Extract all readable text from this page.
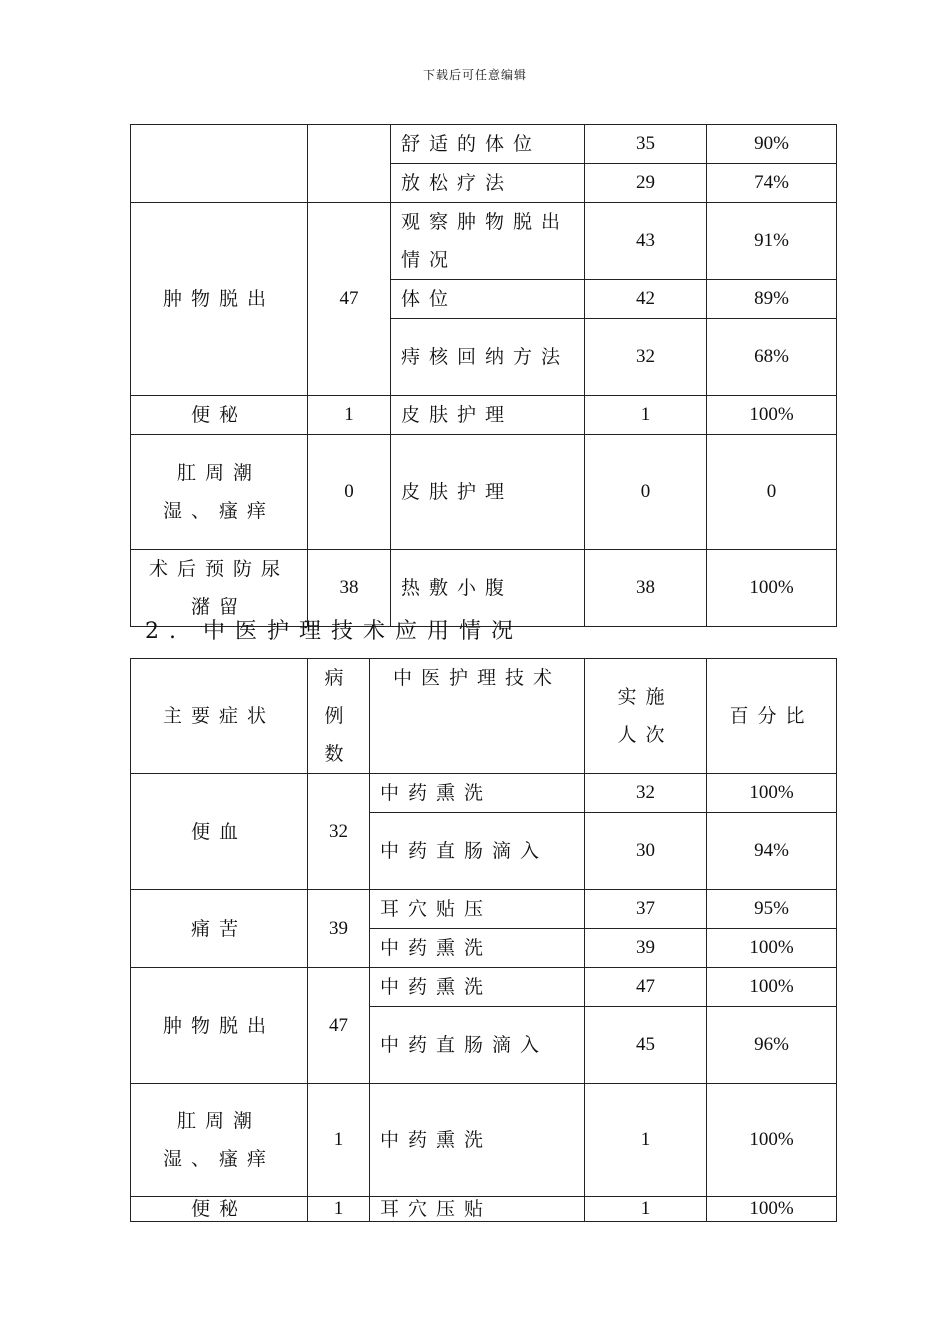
下载后可任意编辑
		舒适的体位	35	90%
		放松疗法	29	74%
肿物脱出	47	观察肿物脱出情况	43	91%
		体位	42	89%
		痔核回纳方法	32	68%
便秘	1	皮肤护理	1	100%
肛周潮湿、瘙痒	0	皮肤护理	0	0
术后预防尿潴留	38	热敷小腹	38	100%
2. 中医护理技术应用情况
主要症状	病例数	中医护理技术	实施人次	百分比
便血	32	中药熏洗	32	100%
		中药直肠滴入	30	94%
痛苦	39	耳穴贴压	37	95%
		中药熏洗	39	100%
肿物脱出	47	中药熏洗	47	100%
		中药直肠滴入	45	96%
肛周潮湿、瘙痒	1	中药熏洗	1	100%
便秘	1	耳穴压贴	1	100%
